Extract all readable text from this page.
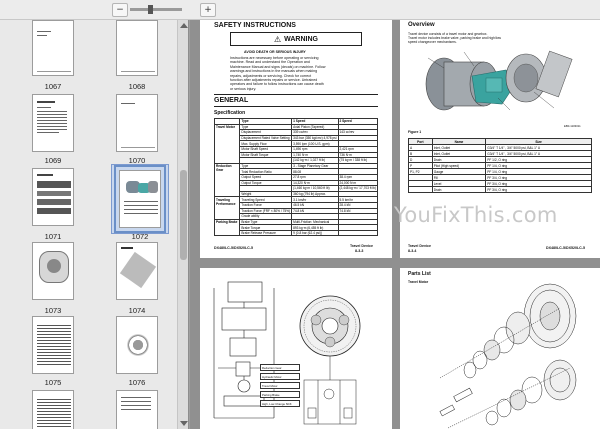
−	+
1067	1068
1069	1070
1071	1072
1073	1074
1075	1076
SAFETY INSTRUCTIONS
⚠ WARNING
AVOID DEATH OR SERIOUS INJURY
Instructions are necessary before operating or servicing
machine. Read and understand the Operation and
Maintenance Manual and signs (decals) on machine. Follow
warnings and instructions in the manuals when making
repairs, adjustments or servicing. Check for correct
function after adjustments repairs or service. Untrained
operators and failure to follow instructions can cause death
or serious injury.
GENERAL
Specification
	Type	1 Speed	2 Speed
Travel Motor	Type	Axial Piston (Tapered)	
	Displacement	339 cc/rev	143 cc/rev
	Displacement Rated Valve Setting	343 bar (350 kg/cm²) 4,978 psi	
	Max. Supply Flow	3,590 lpm (100 U.S. gpm)	
	Motor Shaft Speed	1,496 rpm	2,421 rpm
	Motor Shaft Torque	1,740 N·m	736 N·m
		(142 kg·m / 1,027 ft lb)	(75 kg·m / 338 ft lb)
Reduction Gear	Type	3 - Stage Planetary Gear	
	Total Reduction Ratio	88.08	
	Output Speed	27.8 rpm	38.4 rpm
	Output Torque	14,320 N·m	24,000 N·m
		(1,460 kg·m / 10,560 ft lb)	(2,448 kg·m / 17,703 ft lb)
	Weight	360 kg (794 lb) Approx.	
Traveling Performance	Traveling Speed	3.1 km/hr	5.5 km/hr
	Traction Force	46.5 kN	28.4 kN
	Traction Force (FRF × 80% / 75%)	74.8 kN	74.8 kN
	Grade ability		
Parking Brake	Brake Type	Multi-Friction: Mechanical	
	Brake Torque	893 kg·m (6,455 ft lb)	
	Brake Release Pressure	9 (0.8 bar (62.4 psi))	
DX480LC-5/DX520LC-5	Travel Device
8-3-3
Overview
Travel device consists of a travel motor and gearbox.
Travel motor includes brake valve, parking brake and high/low
speed changeover mechanisms.
EB0-1103011
Figure 1
Port	Name	Size
A	Inlet, Outlet	G3/4" T 1/4" , 3/4" 5000 psi, B&L 1" U
B	Inlet, Outlet	G3/4" T 1/4" , 3/4" 5000 psi, B&L 1" U
D	Drain	PF 1/2, O ring
P	Pilot (High speed)	PF 1/4, O ring
P1, P2	Gauge	PF 1/4, O ring
	Fill	PF 3/4, O ring
	Level	PF 3/4, O ring
	Drain	PF 3/4, O ring
Travel Device
8-3-4
DX480LC-5/DX520LC-5
Reduction Gear
Hydraulic Motor
Travel Motor
Parking Brake
High, Low Change Shift
Parts List
Travel Motor
YouFixThis.com
